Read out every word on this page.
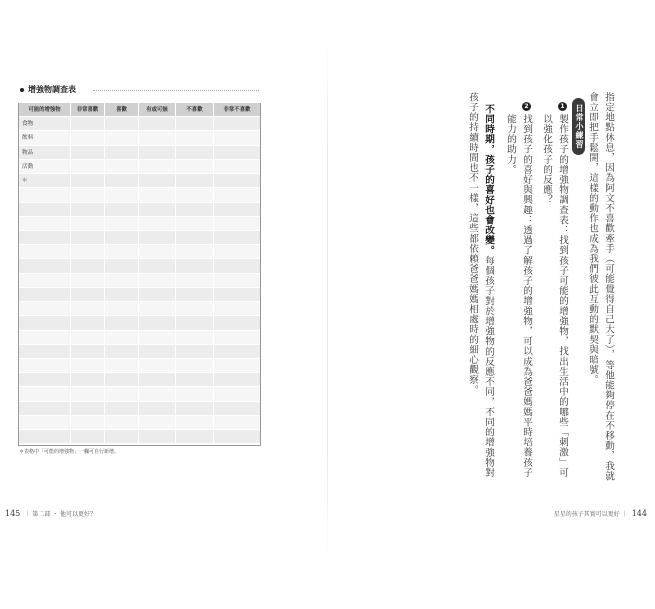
增強物調查表
可能的增強物	非常喜歡	喜歡	有或可無	不喜歡	非常不喜歡
食物
飲料
物品
活動
＊
＊表格中「可能的增強物」一欄可自行新增。
145 ｜ 第二部 ・ 他可以更好？
指定地點休息，因為阿文不喜歡牽手（可能覺得自己大了），等他能夠停在不移動，我就
會立即把手鬆開，這樣的動作也成為我們彼此互動的默契與暗號。
日常小練習
1
製作孩子的增強物調查表：找到孩子可能的增強物，找出生活中的哪些「刺激」可
以強化孩子的反應？
2
找到孩子的喜好與興趣：透過了解孩子的增強物，可以成為爸爸媽媽平時培養孩子
能力的助力。
不同時期，孩子的喜好也會改變。每個孩子對於增強物的反應不同，不同的增強物對
孩子的持續時間也不一樣，這些都依賴爸爸媽媽相處時的細心觀察。
星星的孩子其實可以更好 ｜ 144
